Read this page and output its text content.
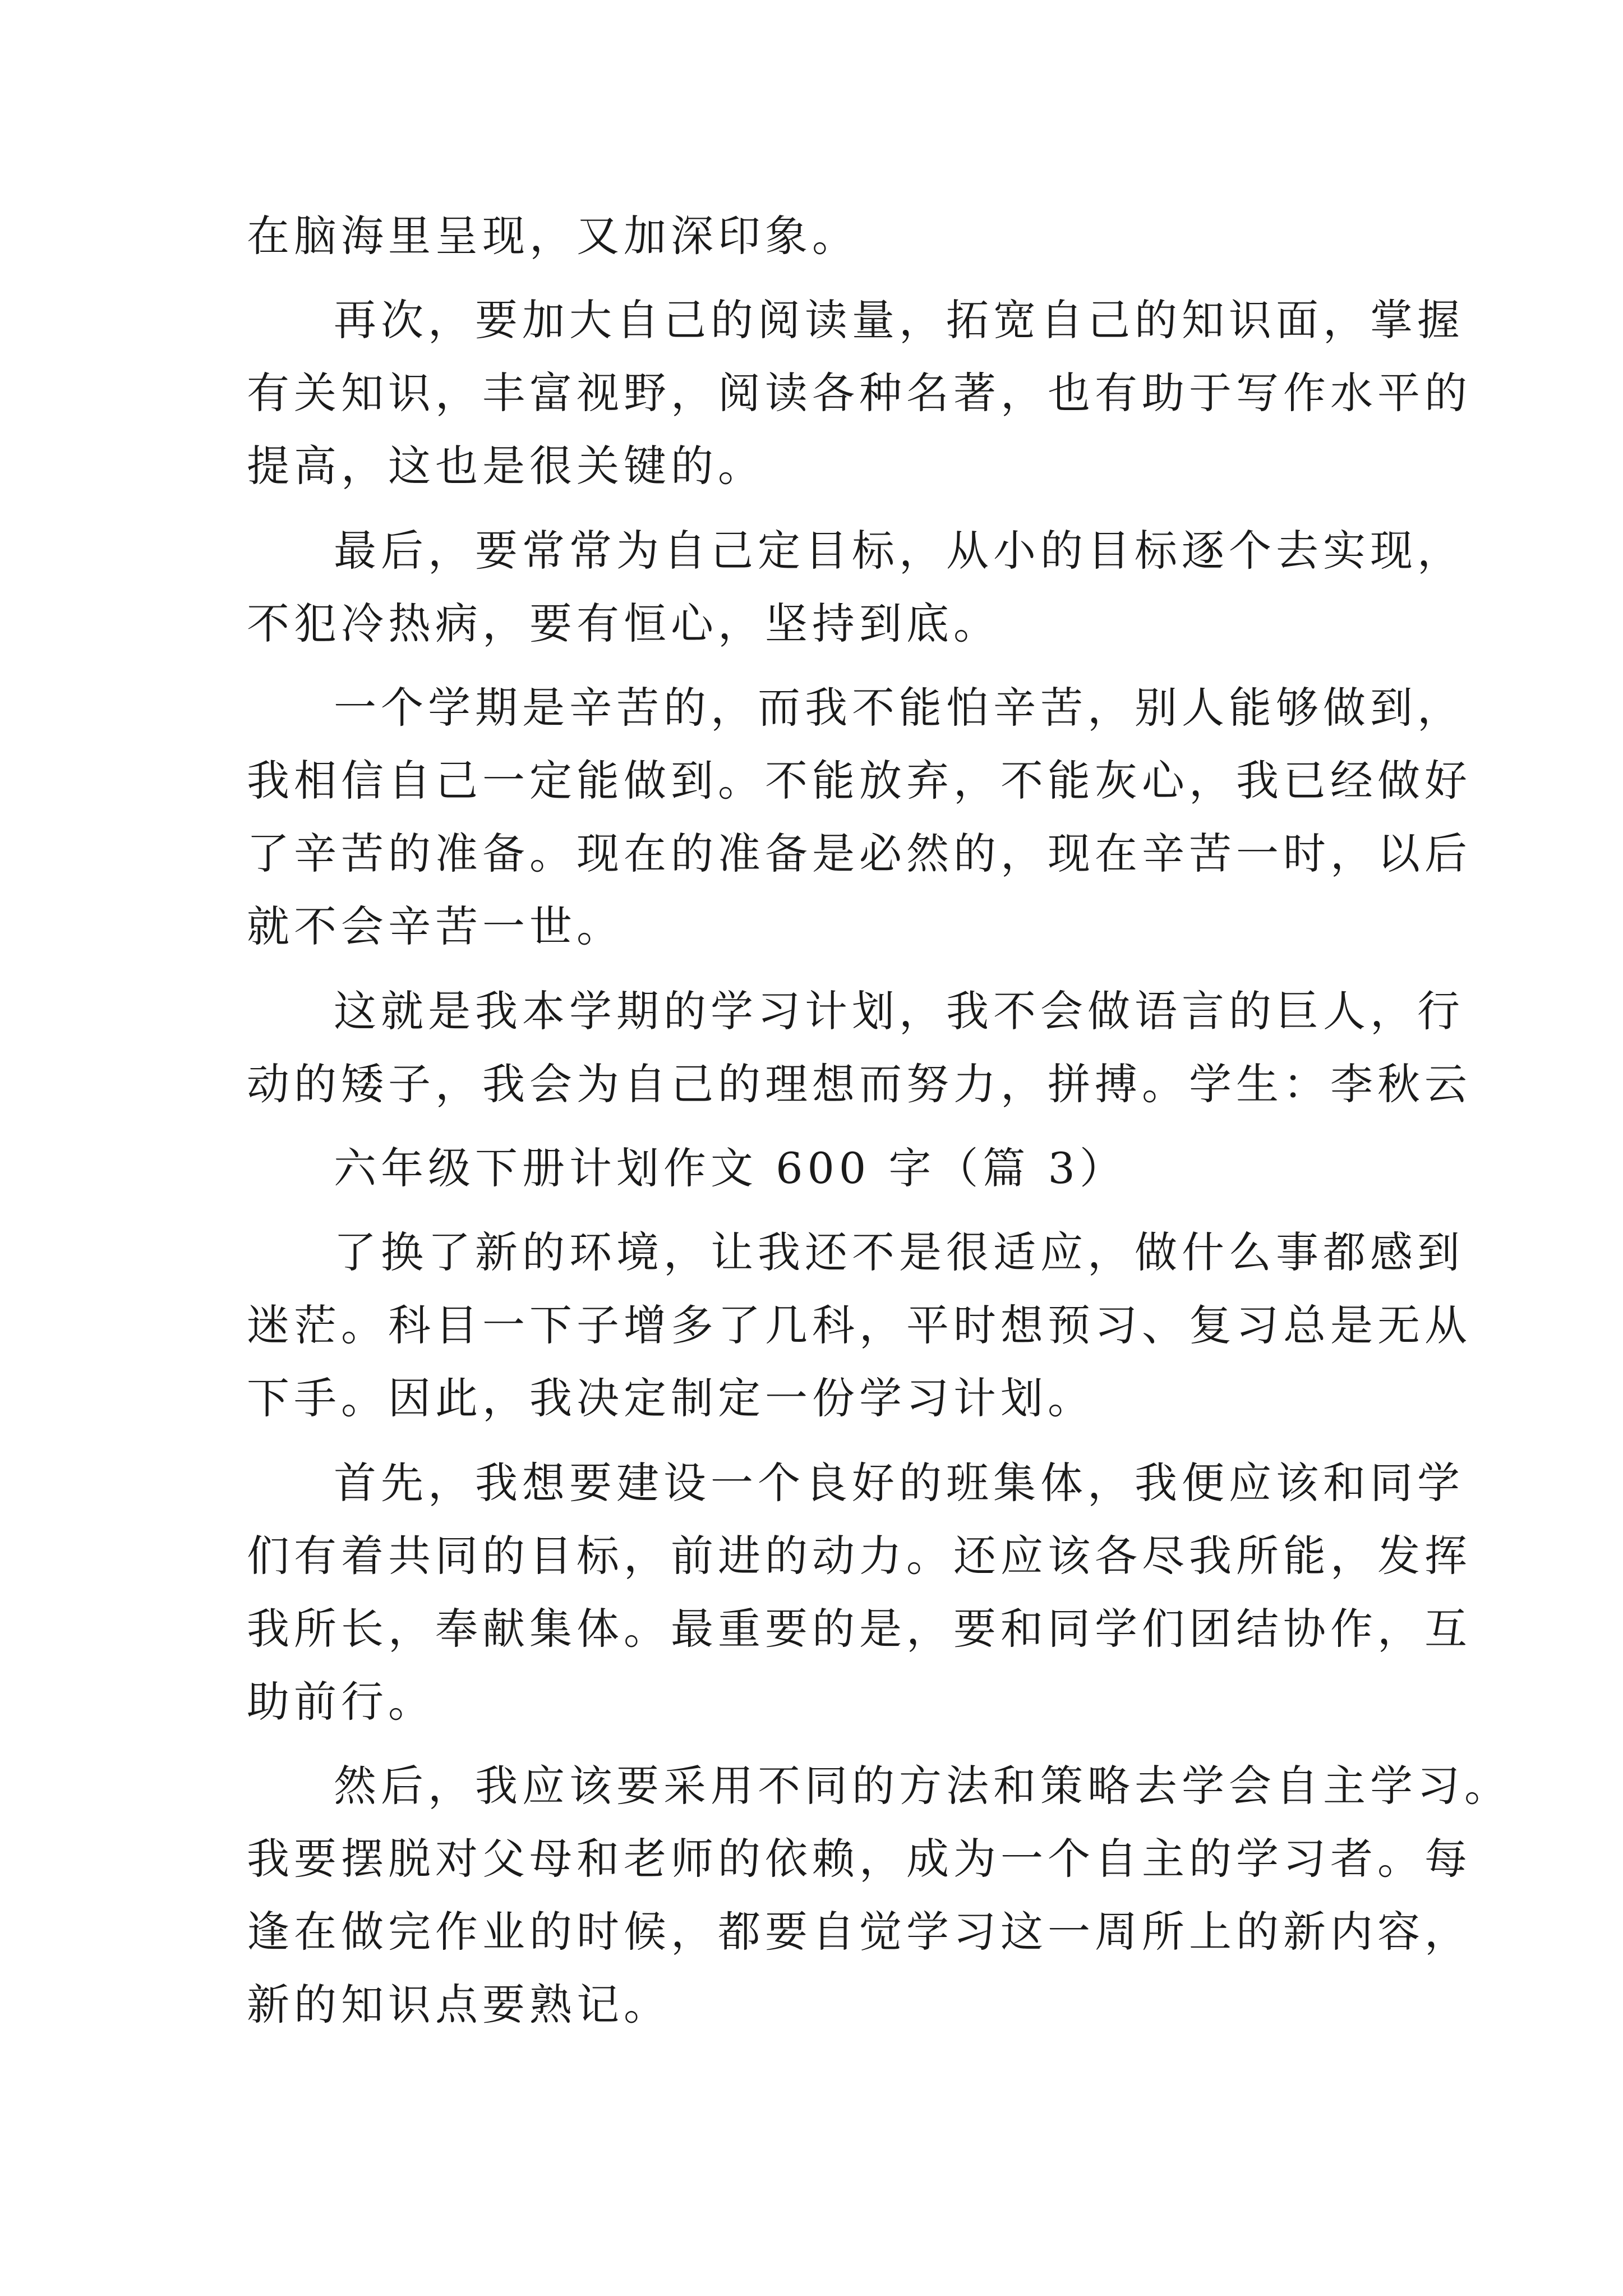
在脑海里呈现，又加深印象。
再次，要加大自己的阅读量，拓宽自己的知识面，掌握
有关知识，丰富视野，阅读各种名著，也有助于写作水平的
提高，这也是很关键的。
最后，要常常为自己定目标，从小的目标逐个去实现，
不犯冷热病，要有恒心，坚持到底。
一个学期是辛苦的，而我不能怕辛苦，别人能够做到，
我相信自己一定能做到。不能放弃，不能灰心，我已经做好
了辛苦的准备。现在的准备是必然的，现在辛苦一时，以后
就不会辛苦一世。
这就是我本学期的学习计划，我不会做语言的巨人，行
动的矮子，我会为自己的理想而努力，拼搏。学生：李秋云
六年级下册计划作文 600 字（篇 3）
了换了新的环境，让我还不是很适应，做什么事都感到
迷茫。科目一下子增多了几科，平时想预习、复习总是无从
下手。因此，我决定制定一份学习计划。
首先，我想要建设一个良好的班集体，我便应该和同学
们有着共同的目标，前进的动力。还应该各尽我所能，发挥
我所长，奉献集体。最重要的是，要和同学们团结协作，互
助前行。
然后，我应该要采用不同的方法和策略去学会自主学习。
我要摆脱对父母和老师的依赖，成为一个自主的学习者。每
逢在做完作业的时候，都要自觉学习这一周所上的新内容，
新的知识点要熟记。
